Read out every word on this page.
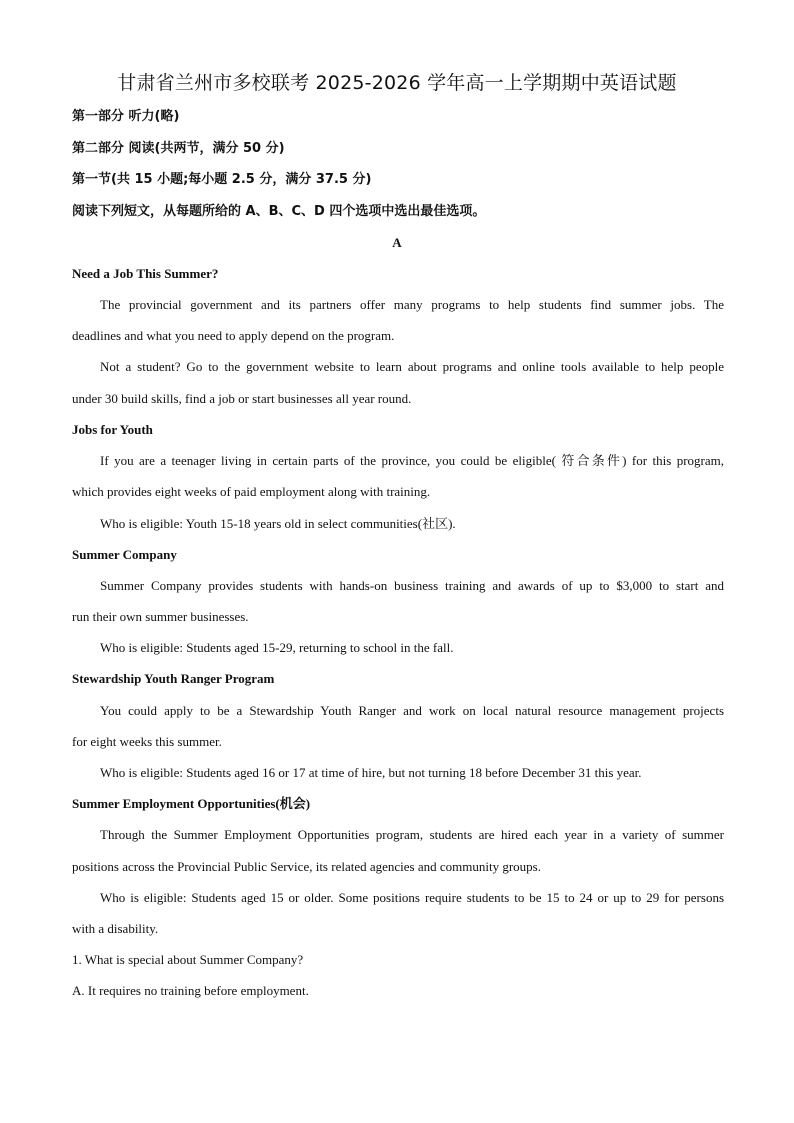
甘肃省兰州市多校联考 2025-2026 学年高一上学期期中英语试题
第一部分 听力(略)
第二部分 阅读(共两节，满分 50 分)
第一节(共 15 小题;每小题 2.5 分，满分 37.5 分)
阅读下列短文，从每题所给的 A、B、C、D 四个选项中选出最佳选项。
A
Need a Job This Summer?
The provincial government and its partners offer many programs to help students find summer jobs. The
deadlines and what you need to apply depend on the program.
Not a student? Go to the government website to learn about programs and online tools available to help people
under 30 build skills, find a job or start businesses all year round.
Jobs for Youth
If you are a teenager living in certain parts of the province, you could be eligible( 符合条件) for this program,
which provides eight weeks of paid employment along with training.
Who is eligible: Youth 15-18 years old in select communities(社区).
Summer Company
Summer Company provides students with hands-on business training and awards of up to $3,000 to start and
run their own summer businesses.
Who is eligible: Students aged 15-29, returning to school in the fall.
Stewardship Youth Ranger Program
You could apply to be a Stewardship Youth Ranger and work on local natural resource management projects
for eight weeks this summer.
Who is eligible: Students aged 16 or 17 at time of hire, but not turning 18 before December 31 this year.
Summer Employment Opportunities(机会)
Through the Summer Employment Opportunities program, students are hired each year in a variety of summer
positions across the Provincial Public Service, its related agencies and community groups.
Who is eligible: Students aged 15 or older. Some positions require students to be 15 to 24 or up to 29 for persons
with a disability.
1. What is special about Summer Company?
A. It requires no training before employment.
